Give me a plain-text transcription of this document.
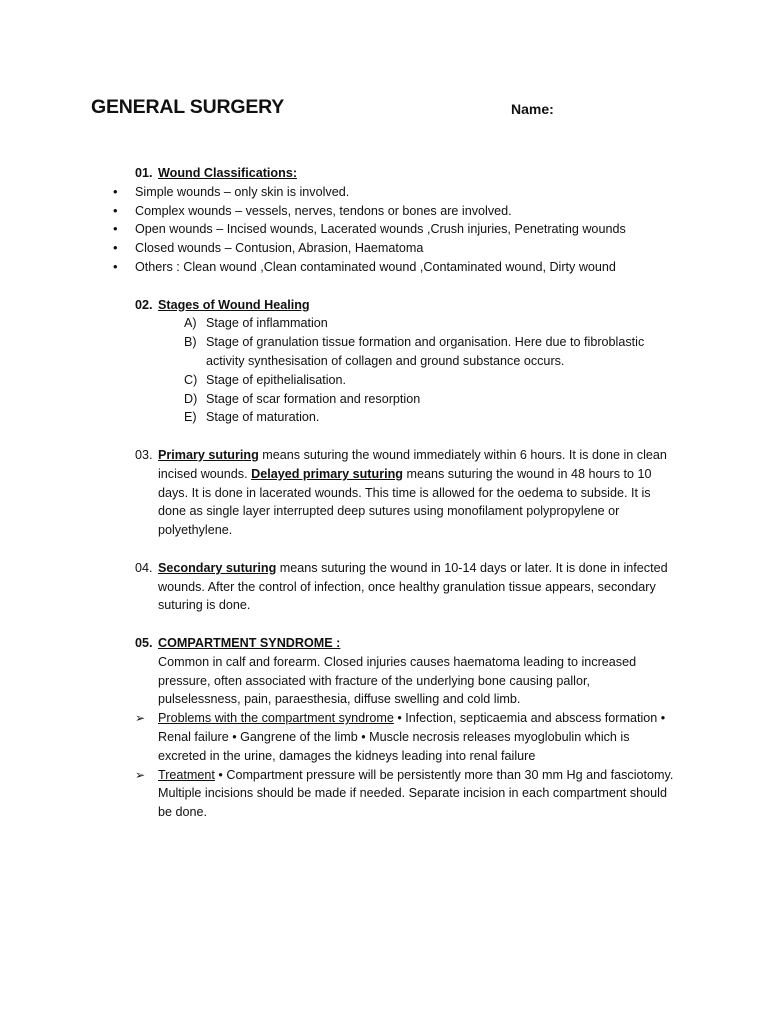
GENERAL SURGERY	Name:
01. Wound Classifications:
• Simple wounds – only skin is involved.
• Complex wounds – vessels, nerves, tendons or bones are involved.
• Open wounds – Incised wounds, Lacerated wounds ,Crush injuries, Penetrating wounds
• Closed wounds – Contusion, Abrasion, Haematoma
• Others : Clean wound ,Clean contaminated wound ,Contaminated wound, Dirty wound
02. Stages of Wound Healing
A) Stage of inflammation
B) Stage of granulation tissue formation and organisation. Here due to fibroblastic activity synthesisation of collagen and ground substance occurs.
C) Stage of epithelialisation.
D) Stage of scar formation and resorption
E) Stage of maturation.
03. Primary suturing means suturing the wound immediately within 6 hours. It is done in clean incised wounds. Delayed primary suturing means suturing the wound in 48 hours to 10 days. It is done in lacerated wounds. This time is allowed for the oedema to subside. It is done as single layer interrupted deep sutures using monofilament polypropylene or polyethylene.
04. Secondary suturing means suturing the wound in 10-14 days or later. It is done in infected wounds. After the control of infection, once healthy granulation tissue appears, secondary suturing is done.
05. COMPARTMENT SYNDROME :
Common in calf and forearm. Closed injuries causes haematoma leading to increased pressure, often associated with fracture of the underlying bone causing pallor, pulselessness, pain, paraesthesia, diffuse swelling and cold limb.
➢ Problems with the compartment syndrome • Infection, septicaemia and abscess formation • Renal failure • Gangrene of the limb • Muscle necrosis releases myoglobulin which is excreted in the urine, damages the kidneys leading into renal failure
➢ Treatment • Compartment pressure will be persistently more than 30 mm Hg and fasciotomy. Multiple incisions should be made if needed. Separate incision in each compartment should be done.
